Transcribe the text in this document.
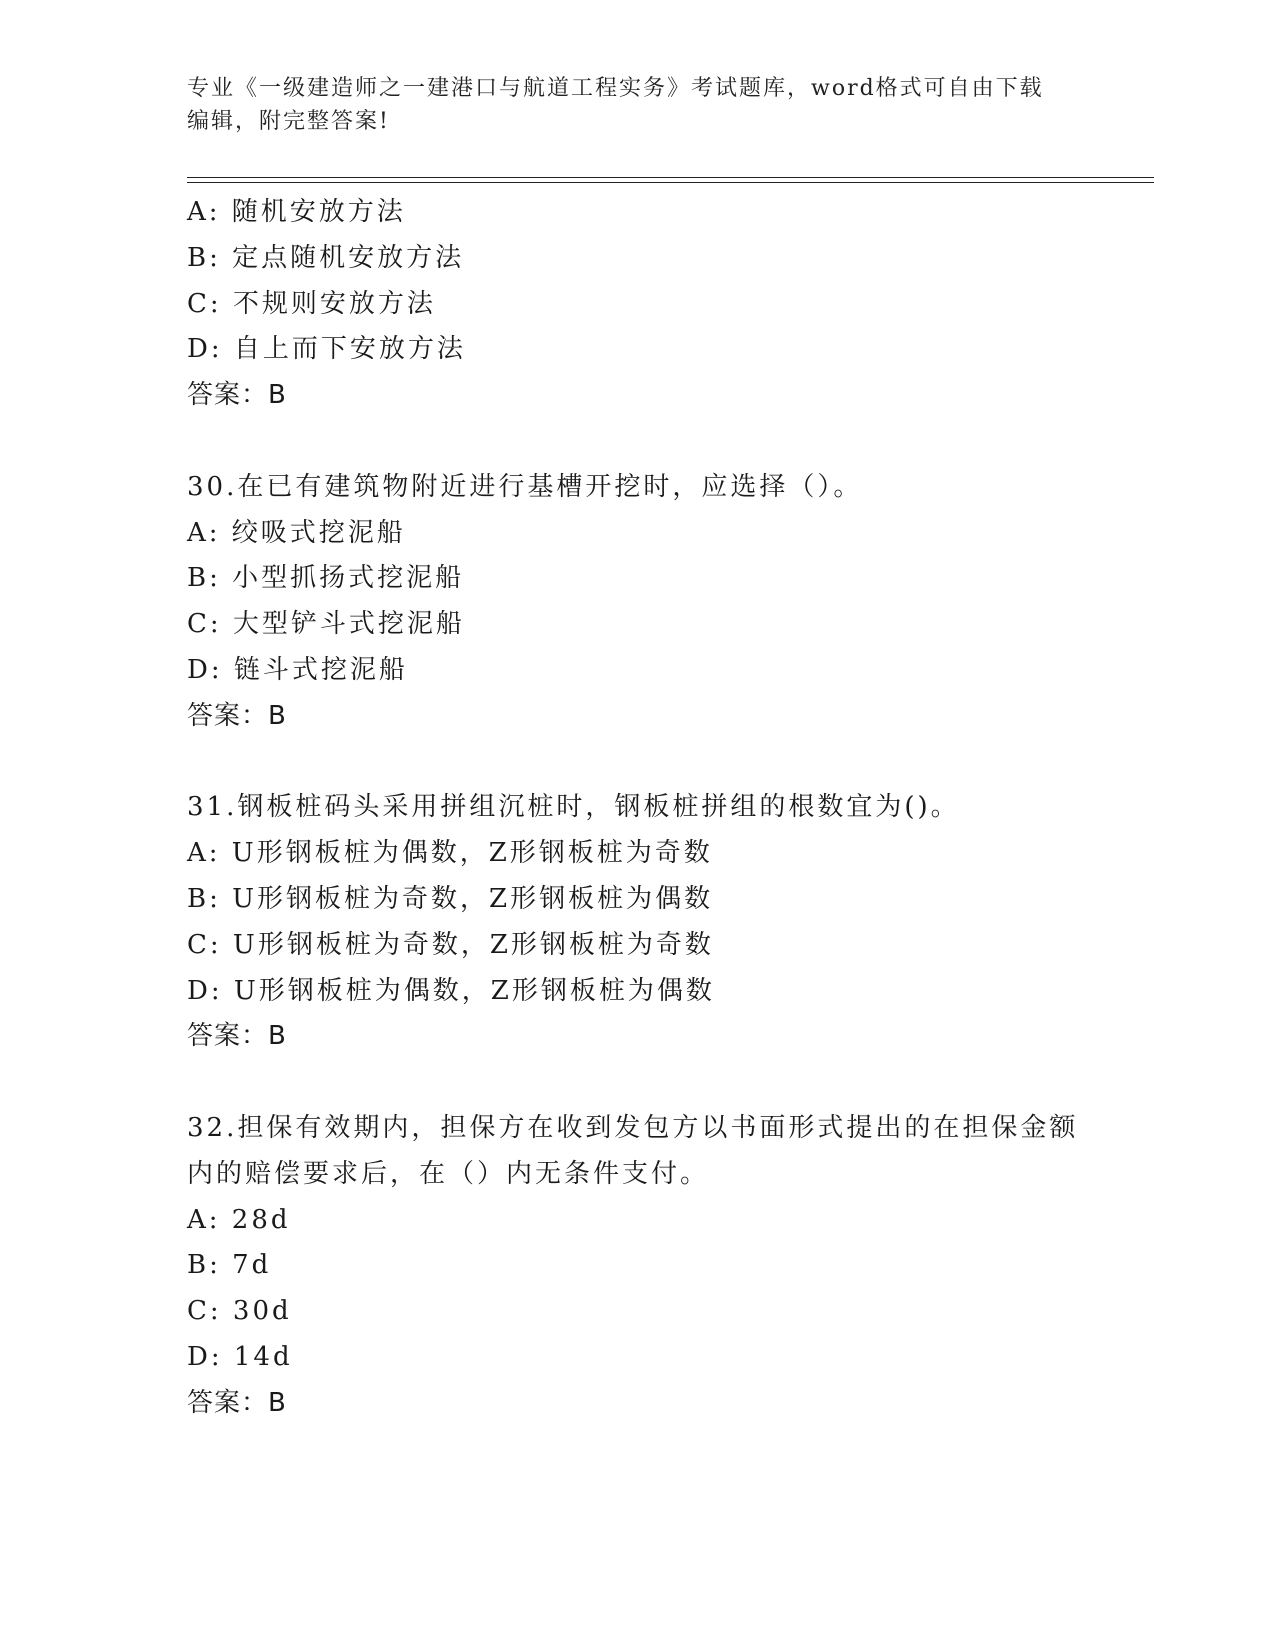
专业《一级建造师之一建港口与航道工程实务》考试题库，word格式可自由下载
编辑，附完整答案!
A: 随机安放方法
B: 定点随机安放方法
C: 不规则安放方法
D: 自上而下安放方法
答案：B
30.在已有建筑物附近进行基槽开挖时，应选择（）。
A: 绞吸式挖泥船
B: 小型抓扬式挖泥船
C: 大型铲斗式挖泥船
D: 链斗式挖泥船
答案：B
31.钢板桩码头采用拼组沉桩时，钢板桩拼组的根数宜为()。
A: U形钢板桩为偶数，Z形钢板桩为奇数
B: U形钢板桩为奇数，Z形钢板桩为偶数
C: U形钢板桩为奇数，Z形钢板桩为奇数
D: U形钢板桩为偶数，Z形钢板桩为偶数
答案：B
32.担保有效期内，担保方在收到发包方以书面形式提出的在担保金额
内的赔偿要求后，在（）内无条件支付。
A: 28d
B: 7d
C: 30d
D: 14d
答案：B
